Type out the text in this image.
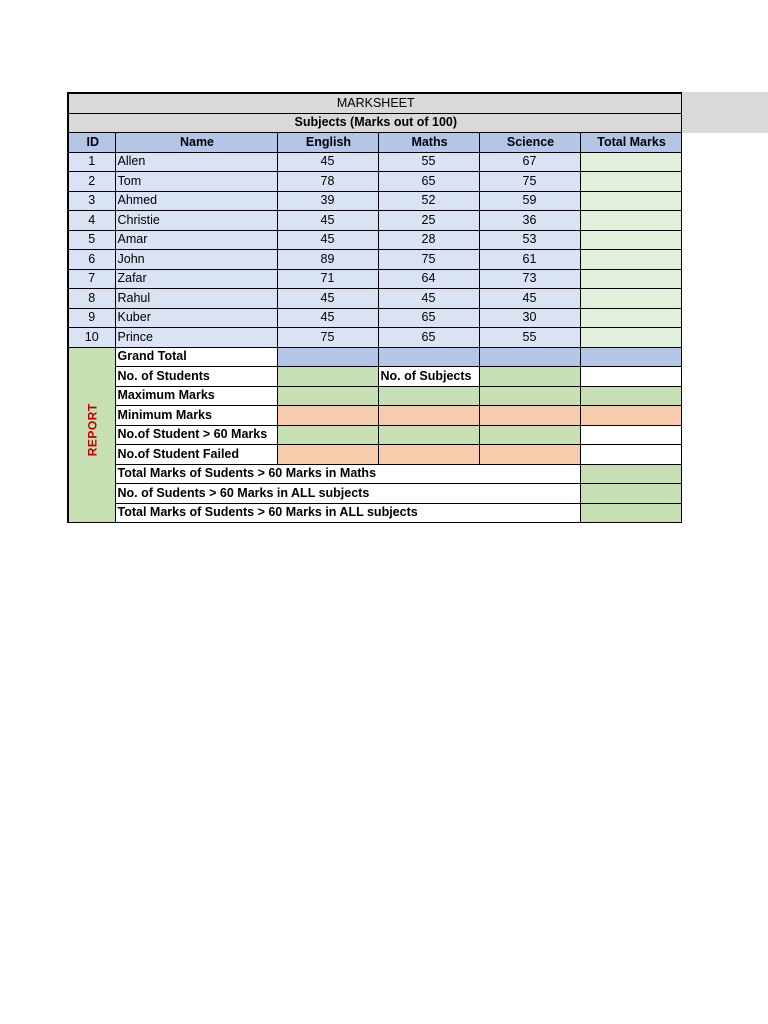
MARKSHEET					
Subjects (Marks out of 100)					
ID	Name	English	Maths	Science	Total Marks
1	Allen	45	55	67	
2	Tom	78	65	75	
3	Ahmed	39	52	59	
4	Christie	45	25	36	
5	Amar	45	28	53	
6	John	89	75	61	
7	Zafar	71	64	73	
8	Rahul	45	45	45	
9	Kuber	45	65	30	
10	Prince	75	65	55	

REPORT	Grand Total				
	No. of Students		No. of Subjects		
	Maximum Marks				
	Minimum Marks				
	No.of Student > 60 Marks				
	No.of Student Failed				
	Total Marks of Sudents > 60 Marks in Maths				
	No. of Sudents > 60 Marks in ALL subjects				
	Total Marks of Sudents > 60 Marks in ALL subjects				
